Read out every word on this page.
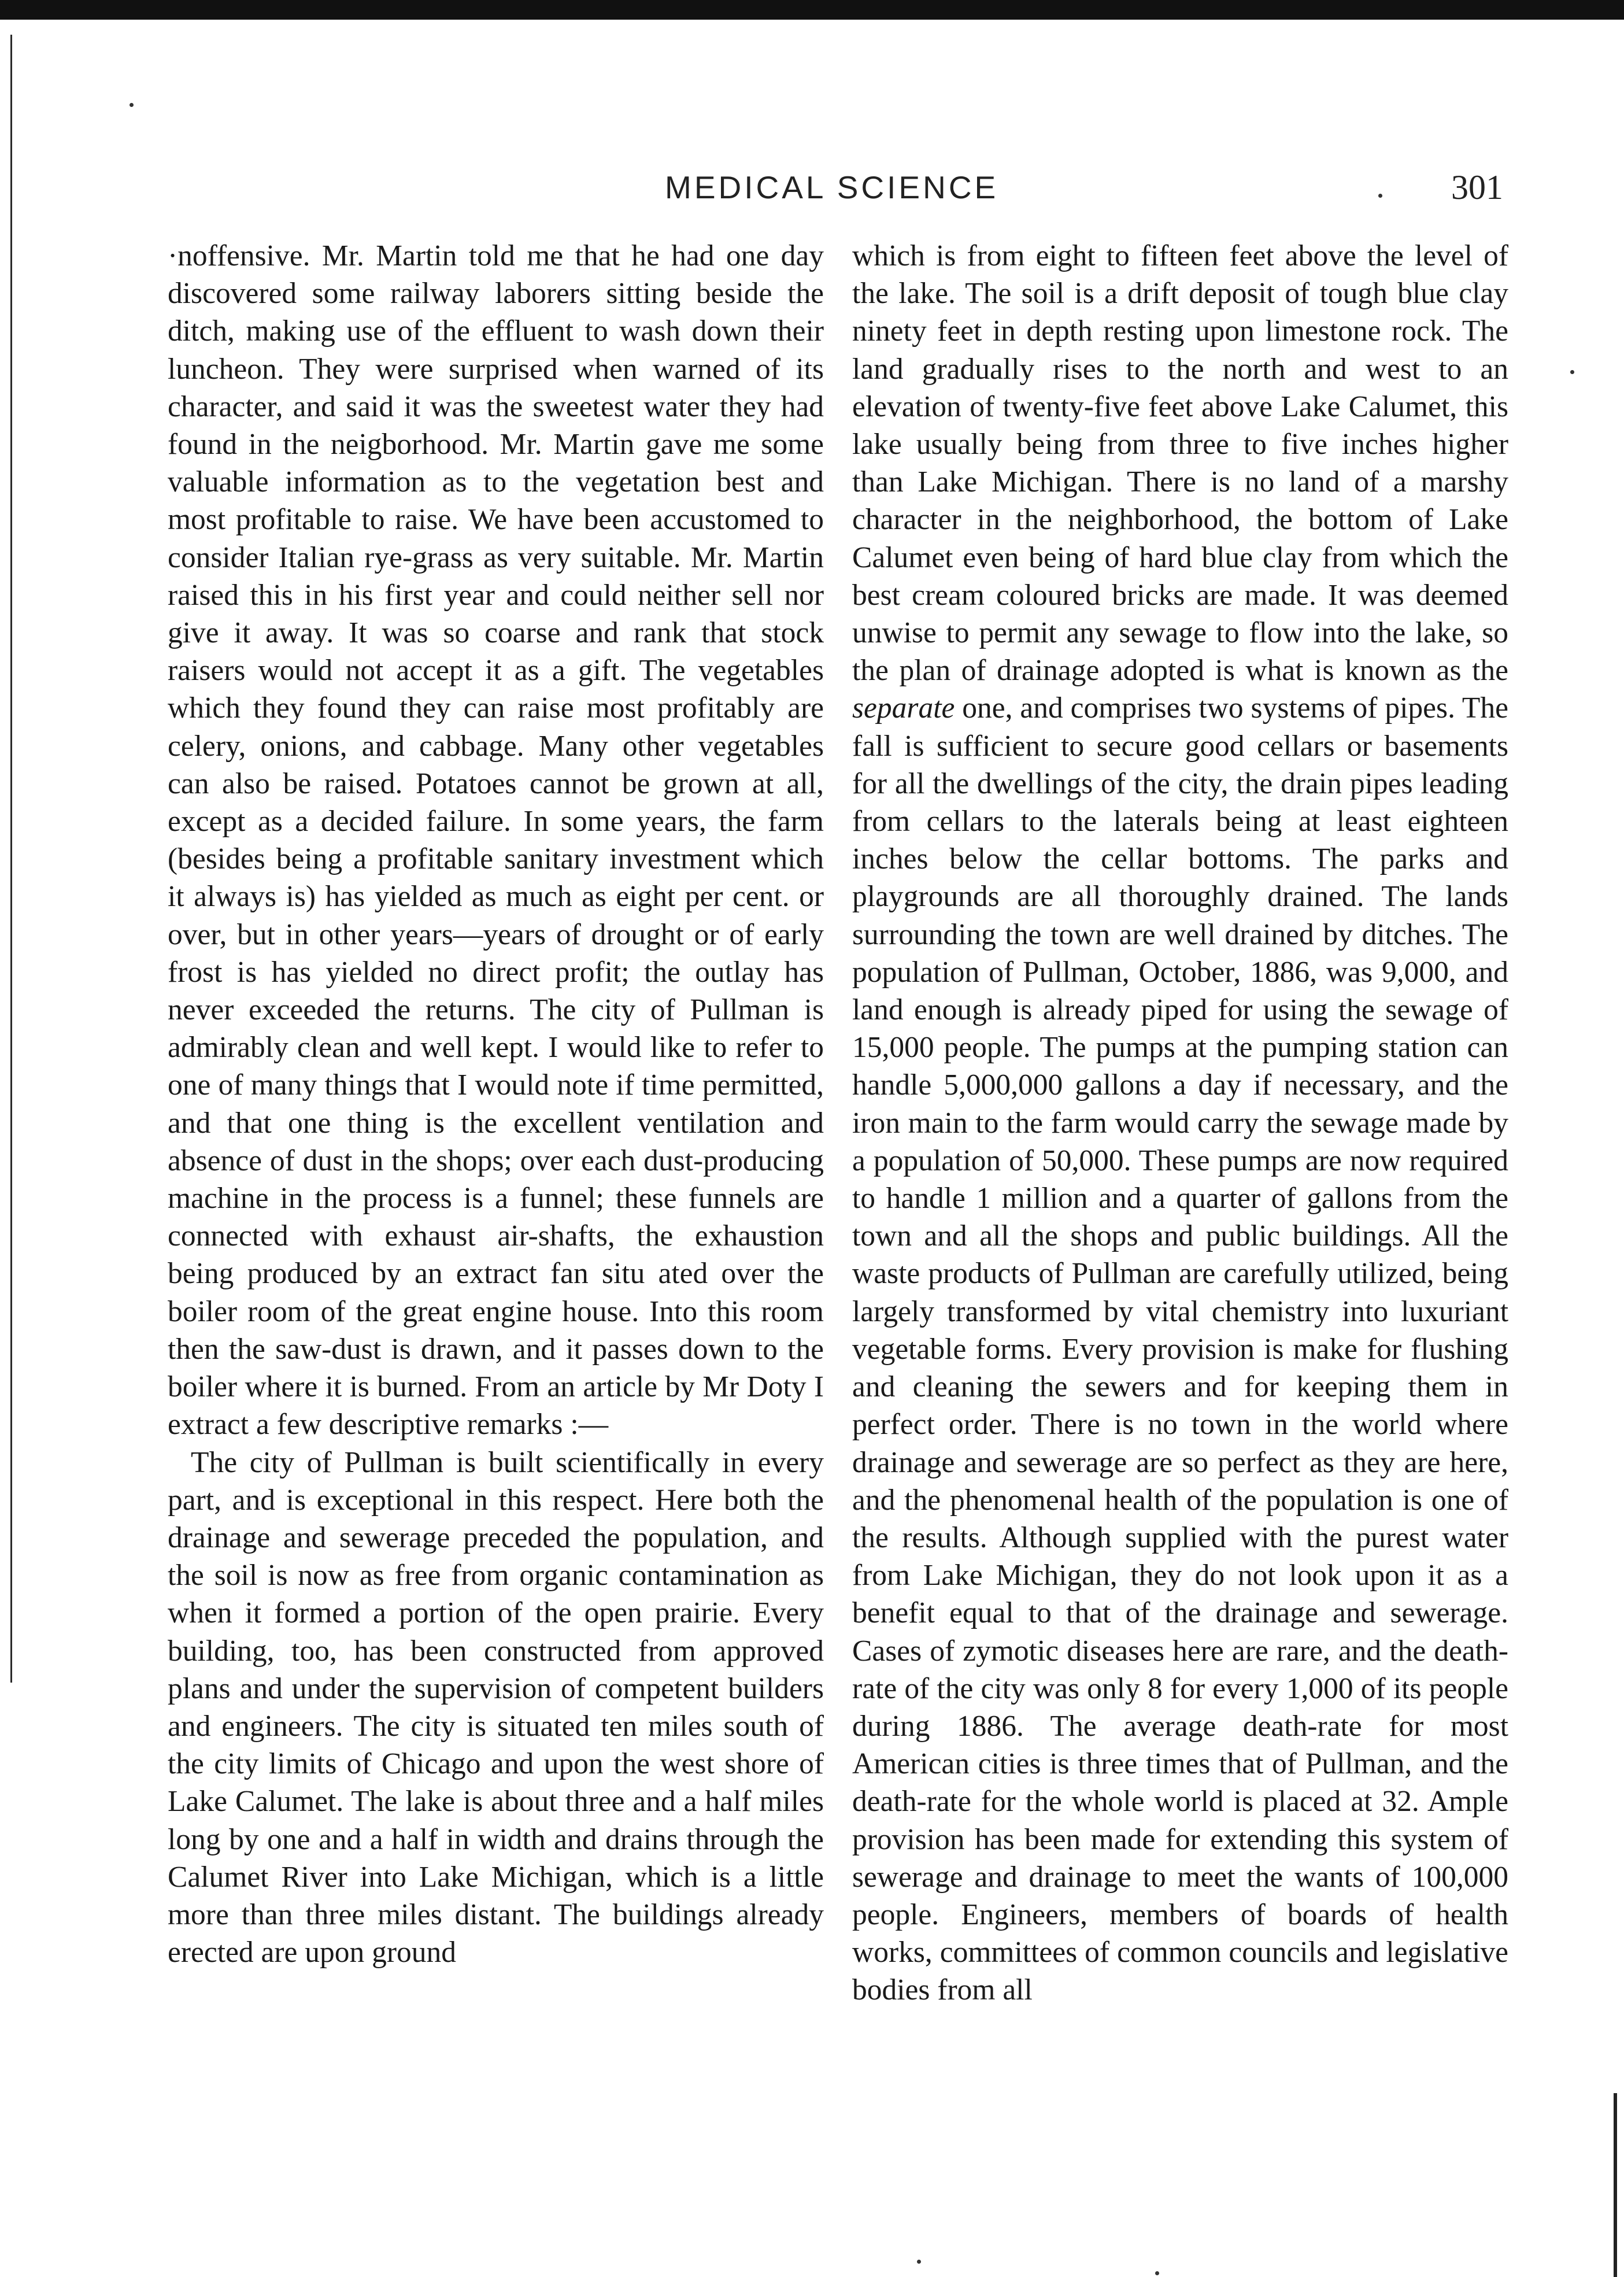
MEDICAL SCIENCE	301

·noffensive. Mr. Martin told me that he had one day discovered some railway laborers sitting beside the ditch, making use of the effluent to wash down their luncheon. They were surprised when warned of its character, and said it was the sweetest water they had found in the neigborhood. Mr. Martin gave me some valuable information as to the vegetation best and most profitable to raise. We have been accustomed to consider Italian rye-grass as very suitable. Mr. Martin raised this in his first year and could neither sell nor give it away. It was so coarse and rank that stock raisers would not accept it as a gift. The vegetables which they found they can raise most profitably are celery, onions, and cabbage. Many other vegetables can also be raised. Potatoes cannot be grown at all, except as a decided failure. In some years, the farm (besides being a profitable sanitary investment which it always is) has yielded as much as eight per cent. or over, but in other years—years of drought or of early frost is has yielded no direct profit; the outlay has never exceeded the returns. The city of Pullman is admirably clean and well kept. I would like to refer to one of many things that I would note if time permitted, and that one thing is the excellent ventilation and absence of dust in the shops; over each dust-producing machine in the process is a funnel; these funnels are connected with exhaust air-shafts, the exhaustion being produced by an extract fan situ ated over the boiler room of the great engine house. Into this room then the saw-dust is drawn, and it passes down to the boiler where it is burned. From an article by Mr Doty I extract a few descriptive remarks :—

The city of Pullman is built scientifically in every part, and is exceptional in this respect. Here both the drainage and sewerage preceded the population, and the soil is now as free from organic contamination as when it formed a portion of the open prairie. Every building, too, has been constructed from approved plans and under the supervision of competent builders and engineers. The city is situated ten miles south of the city limits of Chicago and upon the west shore of Lake Calumet. The lake is about three and a half miles long by one and a half in width and drains through the Calumet River into Lake Michigan, which is a little more than three miles distant. The buildings already erected are upon ground

which is from eight to fifteen feet above the level of the lake. The soil is a drift deposit of tough blue clay ninety feet in depth resting upon limestone rock. The land gradually rises to the north and west to an elevation of twenty-five feet above Lake Calumet, this lake usually being from three to five inches higher than Lake Michigan. There is no land of a marshy character in the neighborhood, the bottom of Lake Calumet even being of hard blue clay from which the best cream coloured bricks are made. It was deemed unwise to permit any sewage to flow into the lake, so the plan of drainage adopted is what is known as the separate one, and comprises two systems of pipes. The fall is sufficient to secure good cellars or basements for all the dwellings of the city, the drain pipes leading from cellars to the laterals being at least eighteen inches below the cellar bottoms. The parks and playgrounds are all thoroughly drained. The lands surrounding the town are well drained by ditches. The population of Pullman, October, 1886, was 9,000, and land enough is already piped for using the sewage of 15,000 people. The pumps at the pumping station can handle 5,000,000 gallons a day if necessary, and the iron main to the farm would carry the sewage made by a population of 50,000. These pumps are now required to handle 1 million and a quarter of gallons from the town and all the shops and public buildings. All the waste products of Pullman are carefully utilized, being largely transformed by vital chemistry into luxuriant vegetable forms. Every provision is make for flushing and cleaning the sewers and for keeping them in perfect order. There is no town in the world where drainage and sewerage are so perfect as they are here, and the phenomenal health of the population is one of the results. Although supplied with the purest water from Lake Michigan, they do not look upon it as a benefit equal to that of the drainage and sewerage. Cases of zymotic diseases here are rare, and the death-rate of the city was only 8 for every 1,000 of its people during 1886. The average death-rate for most American cities is three times that of Pullman, and the death-rate for the whole world is placed at 32. Ample provision has been made for extending this system of sewerage and drainage to meet the wants of 100,000 people. Engineers, members of boards of health works, committees of common councils and legislative bodies from all
